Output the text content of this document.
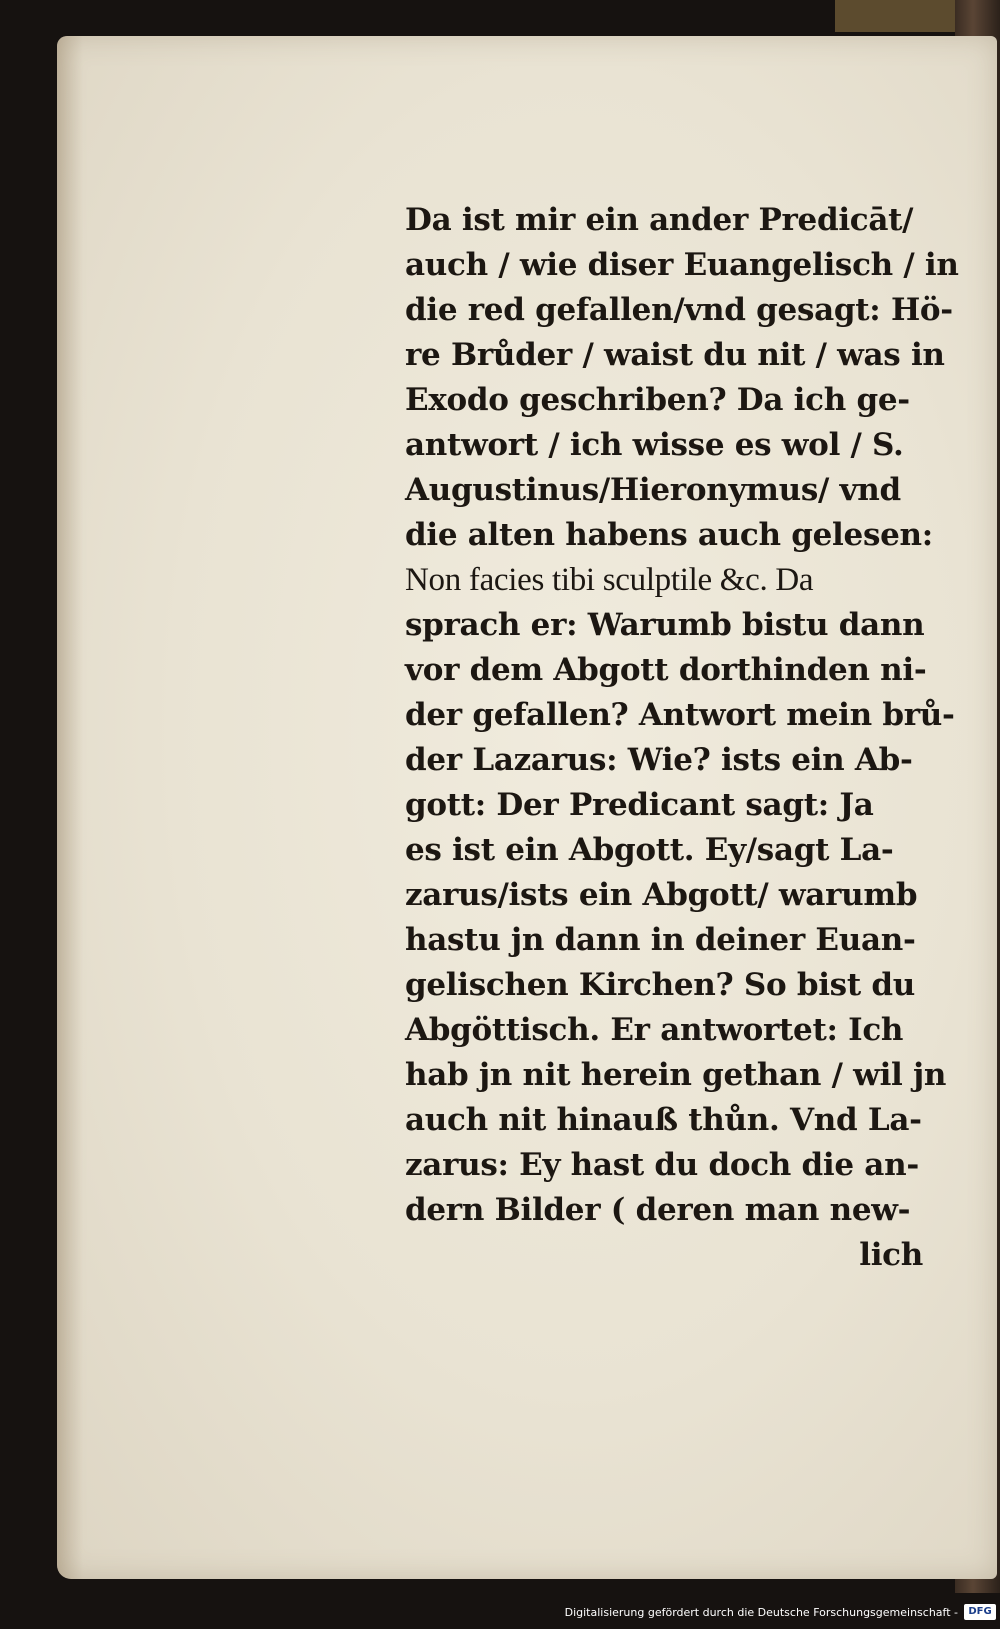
Da ist mir ein ander Predicāt/
auch / wie diser Euangelisch / in
die red gefallen/vnd gesagt: Hö-
re Brůder / waist du nit / was in
Exodo geschriben? Da ich ge-
antwort / ich wisse es wol / S.
Augustinus/Hieronymus/ vnd
die alten habens auch gelesen:
Non facies tibi sculptile &c. Da
sprach er: Warumb bistu dann
vor dem Abgott dorthinden ni-
der gefallen? Antwort mein brů-
der Lazarus: Wie? ists ein Ab-
gott: Der Predicant sagt: Ja
es ist ein Abgott. Ey/sagt La-
zarus/ists ein Abgott/ warumb
hastu jn dann in deiner Euan-
gelischen Kirchen? So bist du
Abgöttisch. Er antwortet: Ich
hab jn nit herein gethan / wil jn
auch nit hinauß thůn. Vnd La-
zarus: Ey hast du doch die an-
dern Bilder ( deren man new-
lich
Digitalisierung gefördert durch die Deutsche Forschungsgemeinschaft -	DFG
